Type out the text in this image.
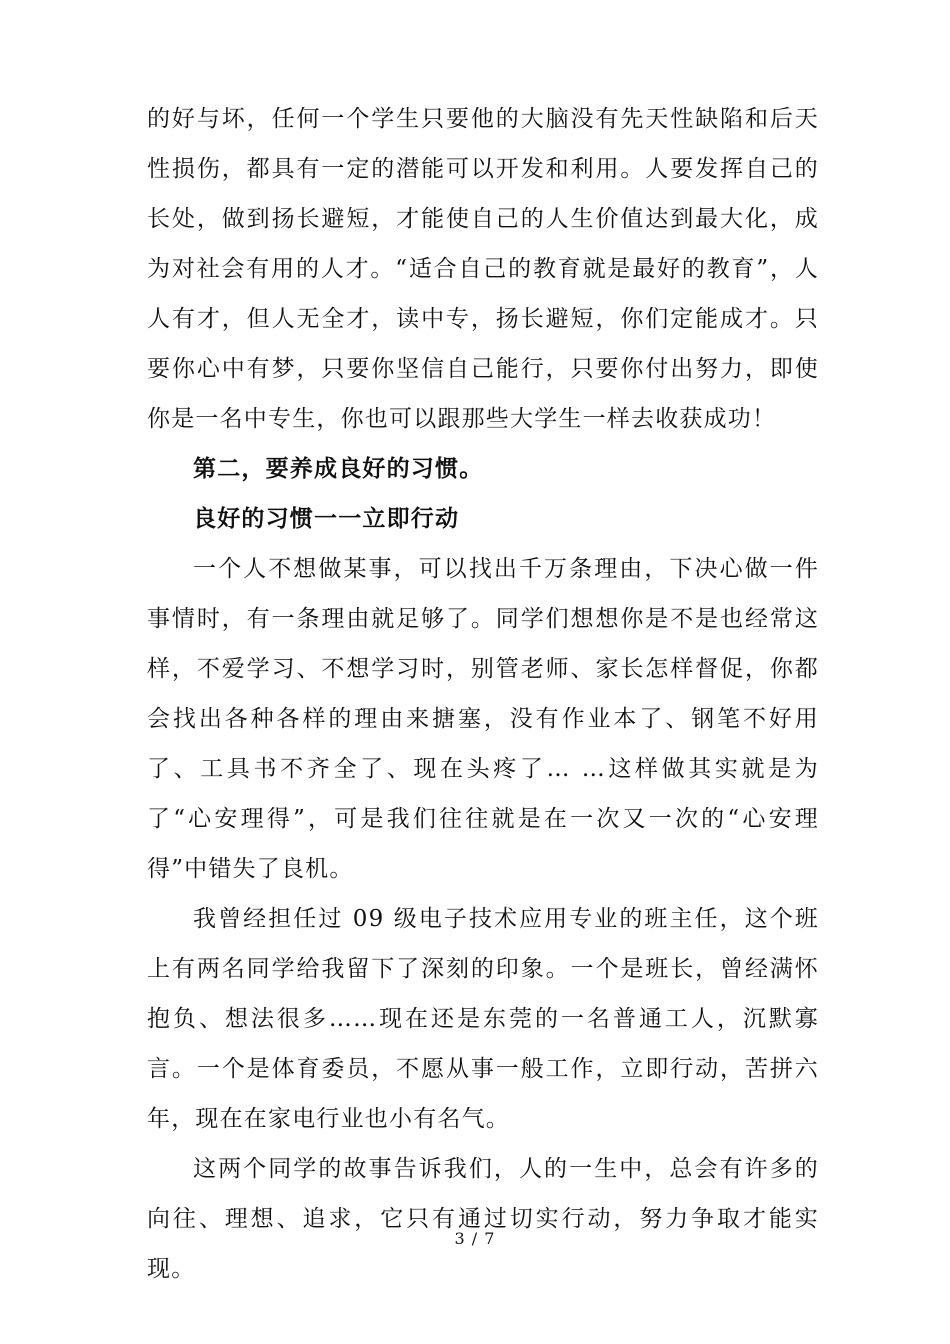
的好与坏，任何一个学生只要他的大脑没有先天性缺陷和后天性损伤，都具有一定的潜能可以开发和利用。人要发挥自己的长处，做到扬长避短，才能使自己的人生价值达到最大化，成为对社会有用的人才。“适合自己的教育就是最好的教育”，人人有才，但人无全才，读中专，扬长避短，你们定能成才。只要你心中有梦，只要你坚信自己能行，只要你付出努力，即使你是一名中专生，你也可以跟那些大学生一样去收获成功！

第二，要养成良好的习惯。

良好的习惯一一立即行动

一个人不想做某事，可以找出千万条理由，下决心做一件事情时，有一条理由就足够了。同学们想想你是不是也经常这样，不爱学习、不想学习时，别管老师、家长怎样督促，你都会找出各种各样的理由来搪塞，没有作业本了、钢笔不好用了、工具书不齐全了、现在头疼了… …这样做其实就是为了“心安理得”，可是我们往往就是在一次又一次的“心安理得”中错失了良机。

我曾经担任过 09 级电子技术应用专业的班主任，这个班上有两名同学给我留下了深刻的印象。一个是班长，曾经满怀抱负、想法很多……现在还是东莞的一名普通工人，沉默寡言。一个是体育委员，不愿从事一般工作，立即行动，苦拼六年，现在在家电行业也小有名气。

这两个同学的故事告诉我们，人的一生中，总会有许多的向往、理想、追求，它只有通过切实行动，努力争取才能实现。

3 / 7
